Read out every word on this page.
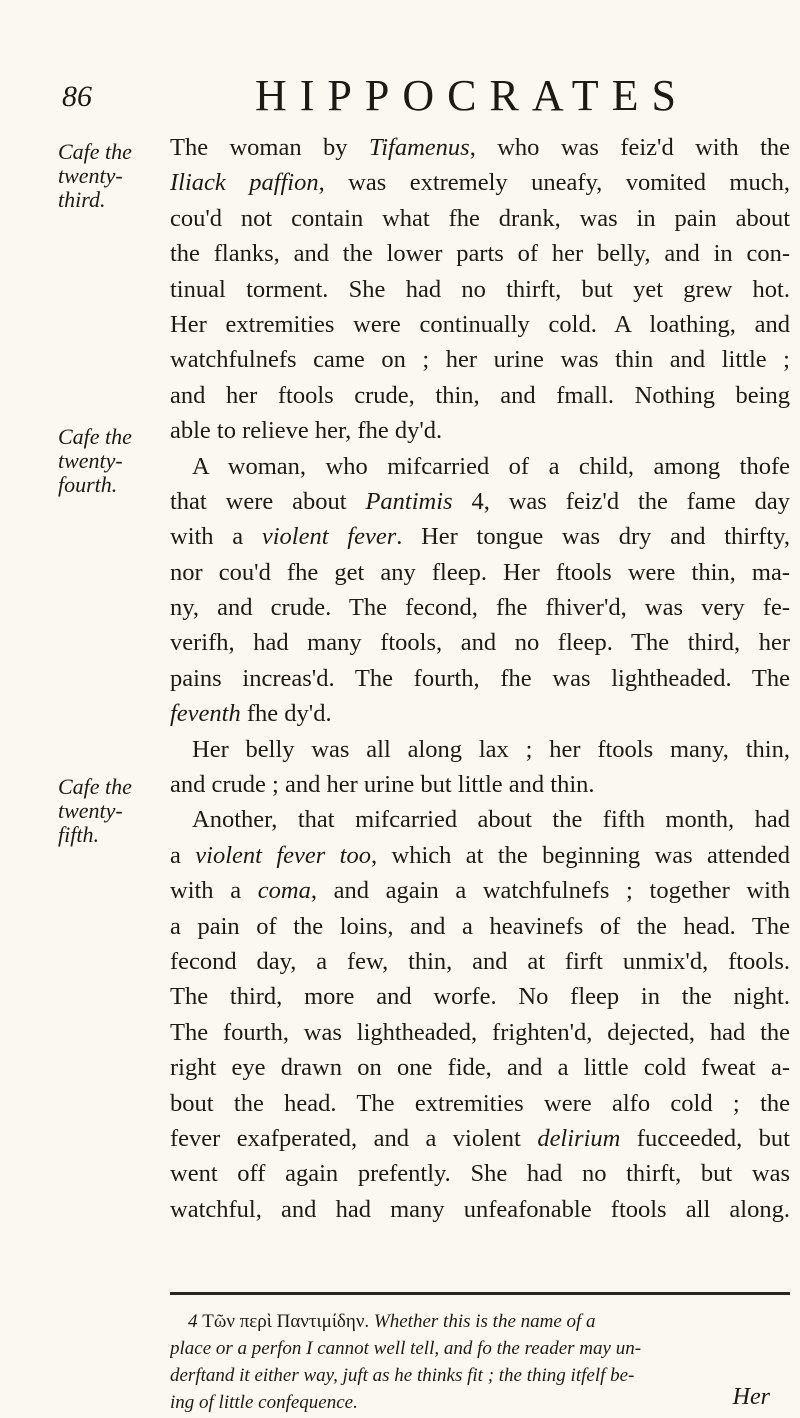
86	HIPPOCRATES
Cafe the
twenty-
third.
Cafe the
twenty-
fourth.
Cafe the
twenty-
fifth.
The woman by Tifamenus, who was feiz'd with the
Iliack paffion, was extremely uneafy, vomited much,
cou'd not contain what fhe drank, was in pain about
the flanks, and the lower parts of her belly, and in con-
tinual torment. She had no thirft, but yet grew hot.
Her extremities were continually cold. A loathing, and
watchfulnefs came on ; her urine was thin and little ;
and her ftools crude, thin, and fmall. Nothing being
able to relieve her, fhe dy'd.
A woman, who mifcarried of a child, among thofe
that were about Pantimis 4, was feiz'd the fame day
with a violent fever. Her tongue was dry and thirfty,
nor cou'd fhe get any fleep. Her ftools were thin, ma-
ny, and crude. The fecond, fhe fhiver'd, was very fe-
verifh, had many ftools, and no fleep. The third, her
pains increas'd. The fourth, fhe was lightheaded. The
feventh fhe dy'd.
Her belly was all along lax ; her ftools many, thin,
and crude ; and her urine but little and thin.
Another, that mifcarried about the fifth month, had
a violent fever too, which at the beginning was attended
with a coma, and again a watchfulnefs ; together with
a pain of the loins, and a heavinefs of the head. The
fecond day, a few, thin, and at firft unmix'd, ftools.
The third, more and worfe. No fleep in the night.
The fourth, was lightheaded, frighten'd, dejected, had the
right eye drawn on one fide, and a little cold fweat a-
bout the head. The extremities were alfo cold ; the
fever exafperated, and a violent delirium fucceeded, but
went off again prefently. She had no thirft, but was
watchful, and had many unfeafonable ftools all along.
4 Τῶν περὶ Παντιμίδην. Whether this is the name of a
place or a perfon I cannot well tell, and fo the reader may un-
derftand it either way, juft as he thinks fit ; the thing itfelf be-
ing of little confequence.	Her
